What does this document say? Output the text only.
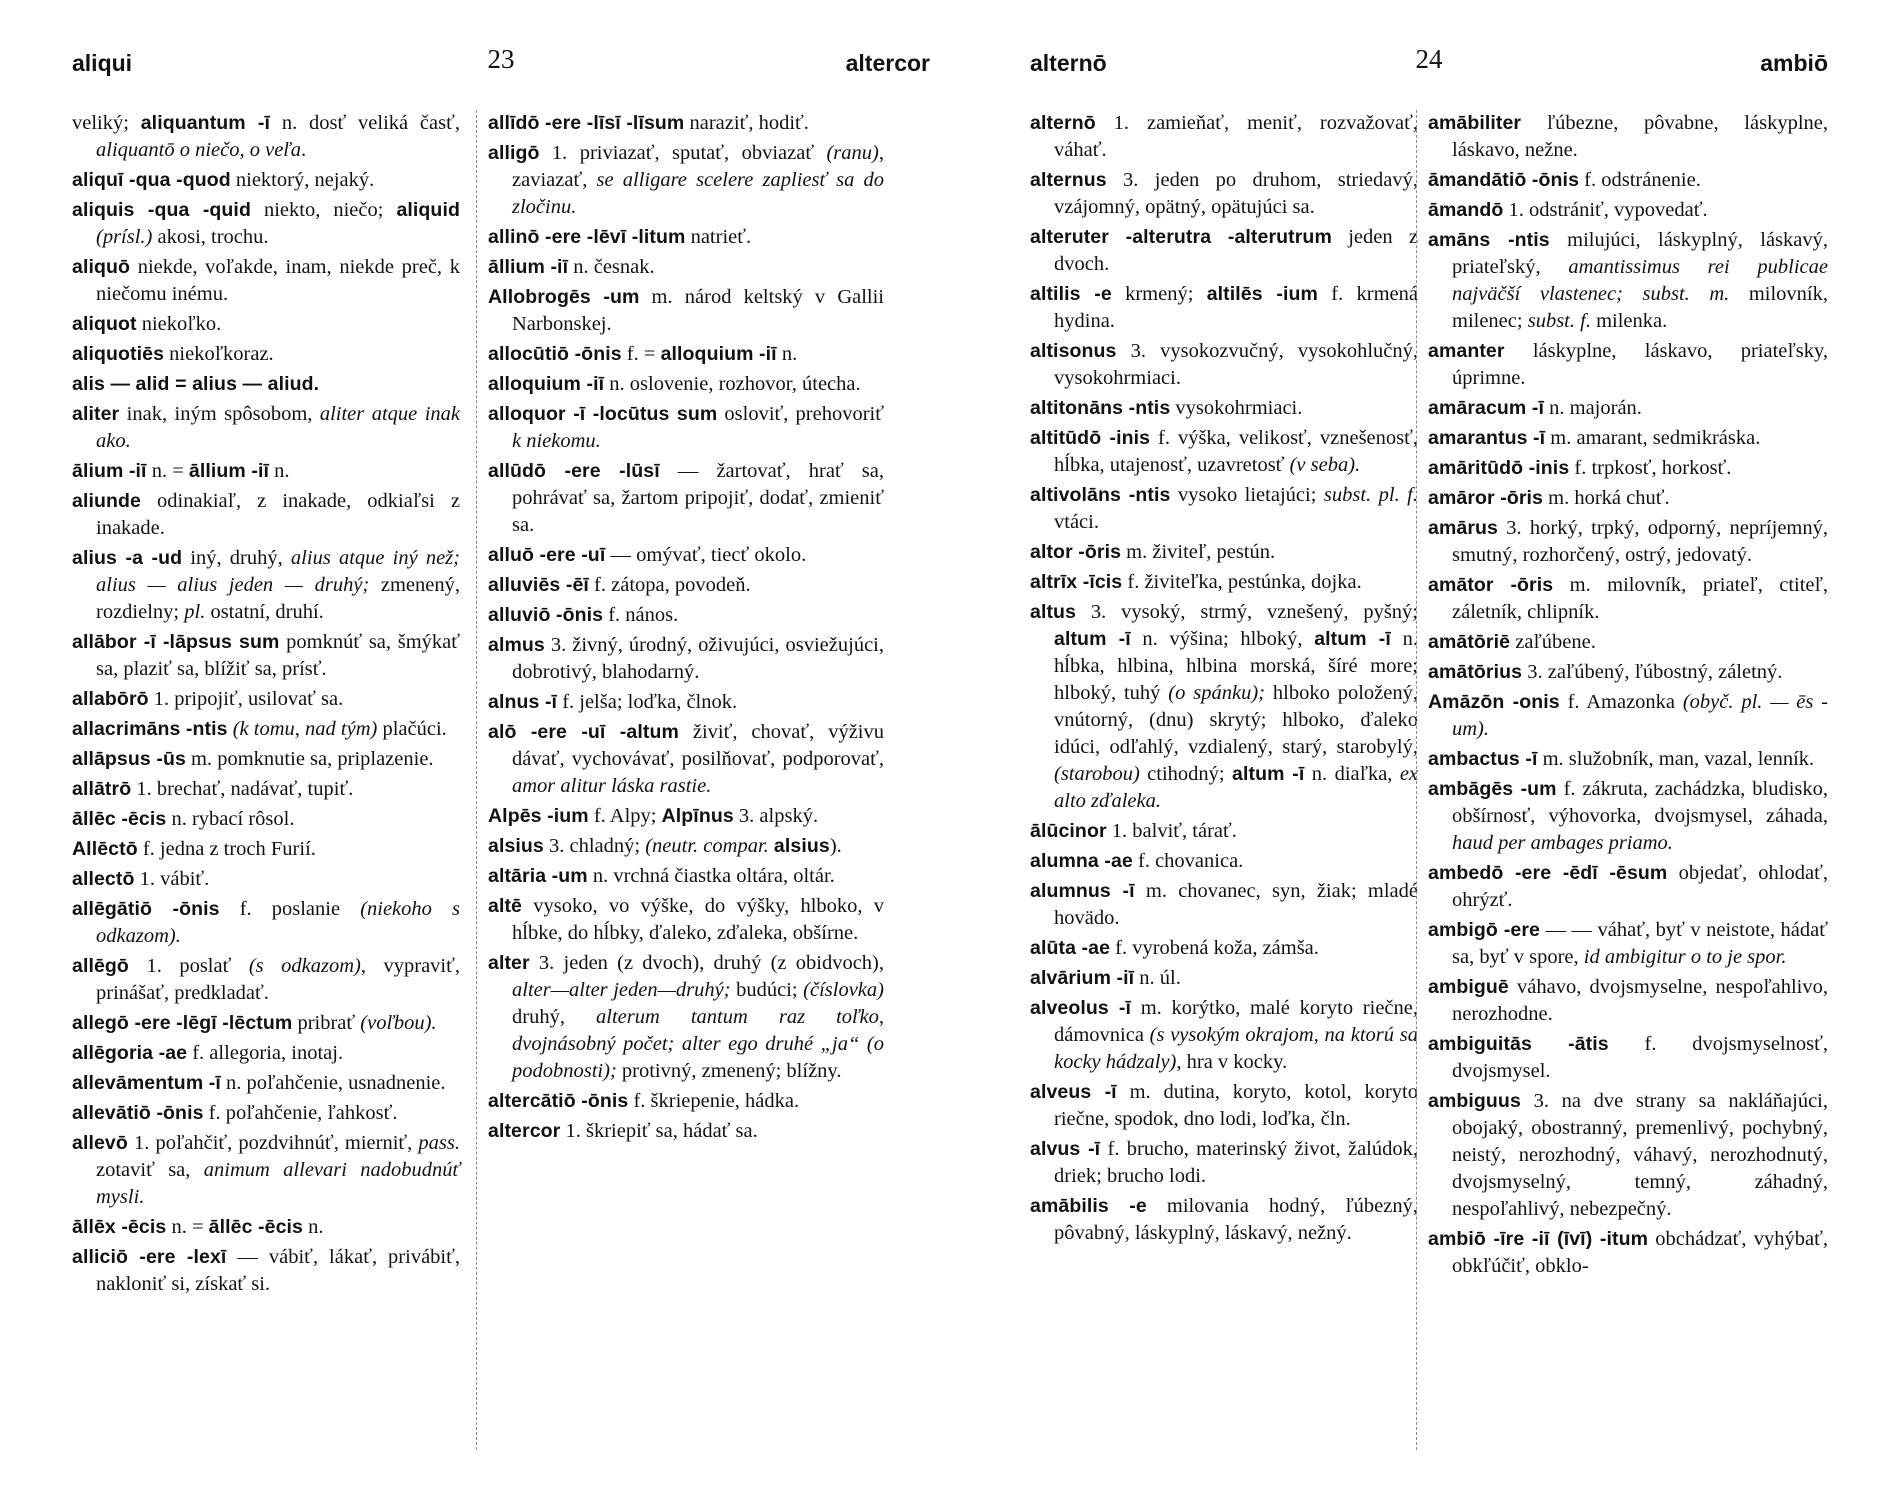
aliqui	23	altercor

veliký; aliquantum -ī n. dosť veliká časť, aliquantō o niečo, o veľa.

aliquī -qua -quod niektorý, nejaký.

aliquis -qua -quid niekto, niečo; aliquid (prísl.) akosi, trochu.

aliquō niekde, voľakde, inam, niekde preč, k niečomu inému.

aliquot niekoľko.

aliquotiēs niekoľkoraz.

alis — alid = alius — aliud.

aliter inak, iným spôsobom, aliter atque inak ako.

ālium -iī n. = āllium -iī n.

aliunde odinakiaľ, z inakade, odkiaľsi z inakade.

alius -a -ud iný, druhý, alius atque iný než; alius — alius jeden — druhý; zmenený, rozdielny; pl. ostatní, druhí.

allābor -ī -lāpsus sum pomknúť sa, šmýkať sa, plaziť sa, blížiť sa, prísť.

allabōrō 1. pripojiť, usilovať sa.

allacrimāns -ntis (k tomu, nad tým) plačúci.

allāpsus -ūs m. pomknutie sa, priplazenie.

allātrō 1. brechať, nadávať, tupiť.

āllēc -ēcis n. rybací rôsol.

Allēctō f. jedna z troch Furií.

allectō 1. vábiť.

allēgātiō -ōnis f. poslanie (niekoho s odkazom).

allēgō 1. poslať (s odkazom), vypraviť, prinášať, predkladať.

allegō -ere -lēgī -lēctum pribrať (voľbou).

allēgoria -ae f. allegoria, inotaj.

allevāmentum -ī n. poľahčenie, usnadnenie.

allevātiō -ōnis f. poľahčenie, ľahkosť.

allevō 1. poľahčiť, pozdvihnúť, mierniť, pass. zotaviť sa, animum allevari nadobudnúť mysli.

āllēx -ēcis n. = āllēc -ēcis n.

alliciō -ere -lexī — vábiť, lákať, privábiť, nakloniť si, získať si.

allīdō -ere -līsī -līsum naraziť, hodiť.

alligō 1. priviazať, sputať, obviazať (ranu), zaviazať, se alligare scelere zapliesť sa do zločinu.

allinō -ere -lēvī -litum natrieť.

āllium -iī n. česnak.

Allobrogēs -um m. národ keltský v Gallii Narbonskej.

allocūtiō -ōnis f. = alloquium -iī n.

alloquium -iī n. oslovenie, rozhovor, útecha.

alloquor -ī -locūtus sum osloviť, prehovoriť k niekomu.

allūdō -ere -lūsī — žartovať, hrať sa, pohrávať sa, žartom pripojiť, dodať, zmieniť sa.

alluō -ere -uī — omývať, tiecť okolo.

alluviēs -ēī f. zátopa, povodeň.

alluviō -ōnis f. nános.

almus 3. živný, úrodný, oživujúci, osviežujúci, dobrotivý, blahodarný.

alnus -ī f. jelša; loďka, člnok.

alō -ere -uī -altum živiť, chovať, výživu dávať, vychovávať, posilňovať, podporovať, amor alitur láska rastie.

Alpēs -ium f. Alpy; Alpīnus 3. alpský.

alsius 3. chladný; (neutr. compar. alsius).

altāria -um n. vrchná čiastka oltára, oltár.

altē vysoko, vo výške, do výšky, hlboko, v hĺbke, do hĺbky, ďaleko, zďaleka, obšírne.

alter 3. jeden (z dvoch), druhý (z obidvoch), alter—alter jeden—druhý; budúci; (číslovka) druhý, alterum tantum raz toľko, dvojnásobný počet; alter ego druhé „ja“ (o podobnosti); protivný, zmenený; blížny.

altercātiō -ōnis f. škriepenie, hádka.

altercor 1. škriepiť sa, hádať sa.

alternō	24	ambiō

alternō 1. zamieňať, meniť, rozvažovať, váhať.

alternus 3. jeden po druhom, striedavý, vzájomný, opätný, opätujúci sa.

alteruter -alterutra -alterutrum jeden z dvoch.

altilis -e krmený; altilēs -ium f. krmená hydina.

altisonus 3. vysokozvučný, vysokohlučný, vysokohrmiaci.

altitonāns -ntis vysokohrmiaci.

altitūdō -inis f. výška, velikosť, vznešenosť, hĺbka, utajenosť, uzavretosť (v seba).

altivolāns -ntis vysoko lietajúci; subst. pl. f. vtáci.

altor -ōris m. živiteľ, pestún.

altrīx -īcis f. živiteľka, pestúnka, dojka.

altus 3. vysoký, strmý, vznešený, pyšný; altum -ī n. výšina; hlboký, altum -ī n. hĺbka, hlbina, hlbina morská, šíré more; hlboký, tuhý (o spánku); hlboko položený, vnútorný, (dnu) skrytý; hlboko, ďaleko idúci, odľahlý, vzdialený, starý, starobylý, (starobou) ctihodný; altum -ī n. diaľka, ex alto zďaleka.

ālūcinor 1. balviť, tárať.

alumna -ae f. chovanica.

alumnus -ī m. chovanec, syn, žiak; mladé hovädo.

alūta -ae f. vyrobená koža, zámša.

alvārium -iī n. úl.

alveolus -ī m. korýtko, malé koryto riečne, dámovnica (s vysokým okrajom, na ktorú sa kocky hádzaly), hra v kocky.

alveus -ī m. dutina, koryto, kotol, koryto riečne, spodok, dno lodi, loďka, čln.

alvus -ī f. brucho, materinský život, žalúdok, driek; brucho lodi.

amābilis -e milovania hodný, ľúbezný, pôvabný, láskyplný, láskavý, nežný.

amābiliter ľúbezne, pôvabne, láskyplne, láskavo, nežne.

āmandātiō -ōnis f. odstránenie.

āmandō 1. odstrániť, vypovedať.

amāns -ntis milujúci, láskyplný, láskavý, priateľský, amantissimus rei publicae najväčší vlastenec; subst. m. milovník, milenec; subst. f. milenka.

amanter láskyplne, láskavo, priateľsky, úprimne.

amāracum -ī n. majorán.

amarantus -ī m. amarant, sedmikráska.

amāritūdō -inis f. trpkosť, horkosť.

amāror -ōris m. horká chuť.

amārus 3. horký, trpký, odporný, nepríjemný, smutný, rozhorčený, ostrý, jedovatý.

amātor -ōris m. milovník, priateľ, ctiteľ, záletník, chlipník.

amātōriē zaľúbene.

amātōrius 3. zaľúbený, ľúbostný, záletný.

Amāzōn -onis f. Amazonka (obyč. pl. — ēs -um).

ambactus -ī m. služobník, man, vazal, lenník.

ambāgēs -um f. zákruta, zachádzka, bludisko, obšírnosť, výhovorka, dvojsmysel, záhada, haud per ambages priamo.

ambedō -ere -ēdī -ēsum objedať, ohlodať, ohrýzť.

ambigō -ere — — váhať, byť v neistote, hádať sa, byť v spore, id ambigitur o to je spor.

ambiguē váhavo, dvojsmyselne, nespoľahlivo, nerozhodne.

ambiguitās -ātis f. dvojsmyselnosť, dvojsmysel.

ambiguus 3. na dve strany sa nakláňajúci, obojaký, obostranný, premenlivý, pochybný, neistý, nerozhodný, váhavý, nerozhodnutý, dvojsmyselný, temný, záhadný, nespoľahlivý, nebezpečný.

ambiō -īre -iī (īvī) -itum obchádzať, vyhýbať, obkľúčiť, obklo-
